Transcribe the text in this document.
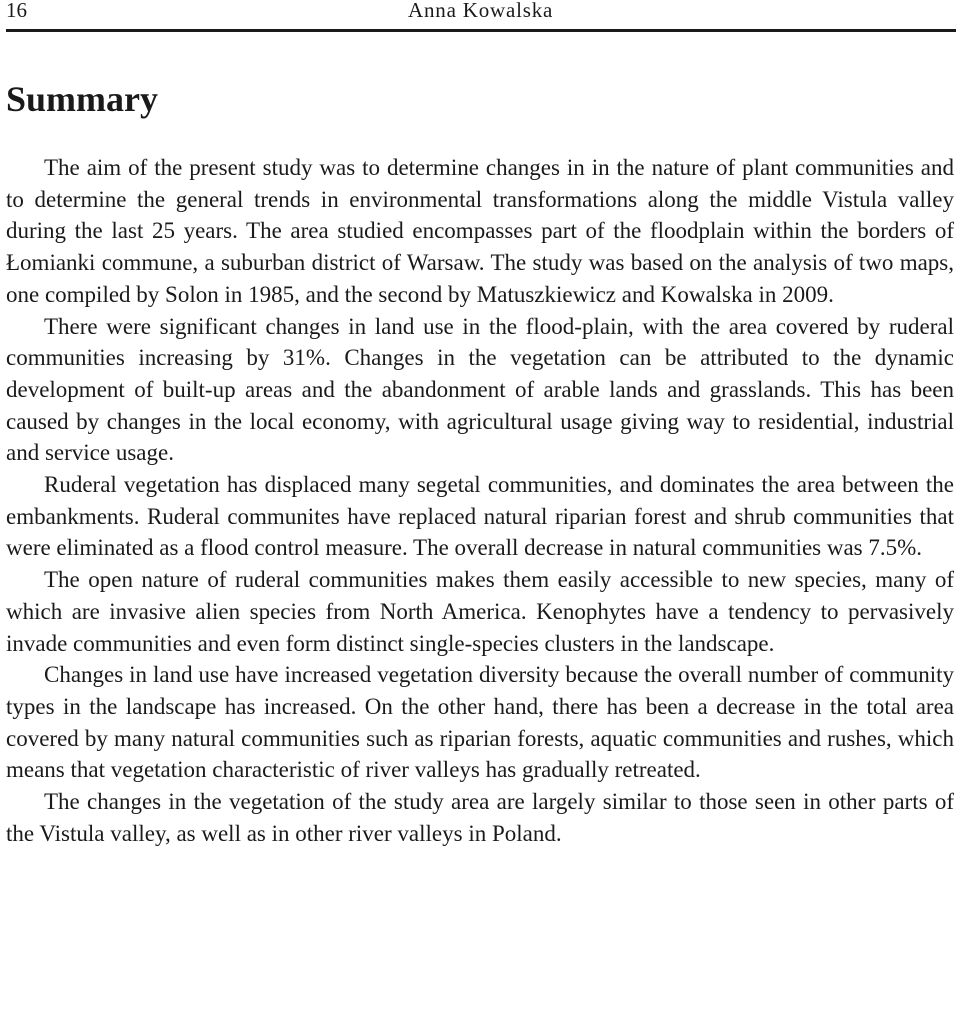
16	Anna Kowalska
Summary

The aim of the present study was to determine changes in in the nature of plant communities and to determine the general trends in environmental transformations along the middle Vistula valley during the last 25 years. The area studied encompasses part of the floodplain within the borders of Łomianki commune, a suburban district of Warsaw. The study was based on the analysis of two maps, one compiled by Solon in 1985, and the second by Matuszkiewicz and Kowalska in 2009.

There were significant changes in land use in the flood-plain, with the area covered by ruderal communities increasing by 31%. Changes in the vegetation can be attributed to the dynamic development of built-up areas and the abandonment of arable lands and grasslands. This has been caused by changes in the local economy, with agricultural usage giving way to residential, industrial and service usage.

Ruderal vegetation has displaced many segetal communities, and dominates the area between the embankments. Ruderal communites have replaced natural riparian forest and shrub communities that were eliminated as a flood control measure. The overall decrease in natural communities was 7.5%.

The open nature of ruderal communities makes them easily accessible to new species, many of which are invasive alien species from North America. Kenophytes have a tendency to pervasively invade communities and even form distinct single-species clusters in the landscape.

Changes in land use have increased vegetation diversity because the overall number of community types in the landscape has increased. On the other hand, there has been a decrease in the total area covered by many natural communities such as riparian forests, aquatic communities and rushes, which means that vegetation characteristic of river valleys has gradually retreated.

The changes in the vegetation of the study area are largely similar to those seen in other parts of the Vistula valley, as well as in other river valleys in Poland.
